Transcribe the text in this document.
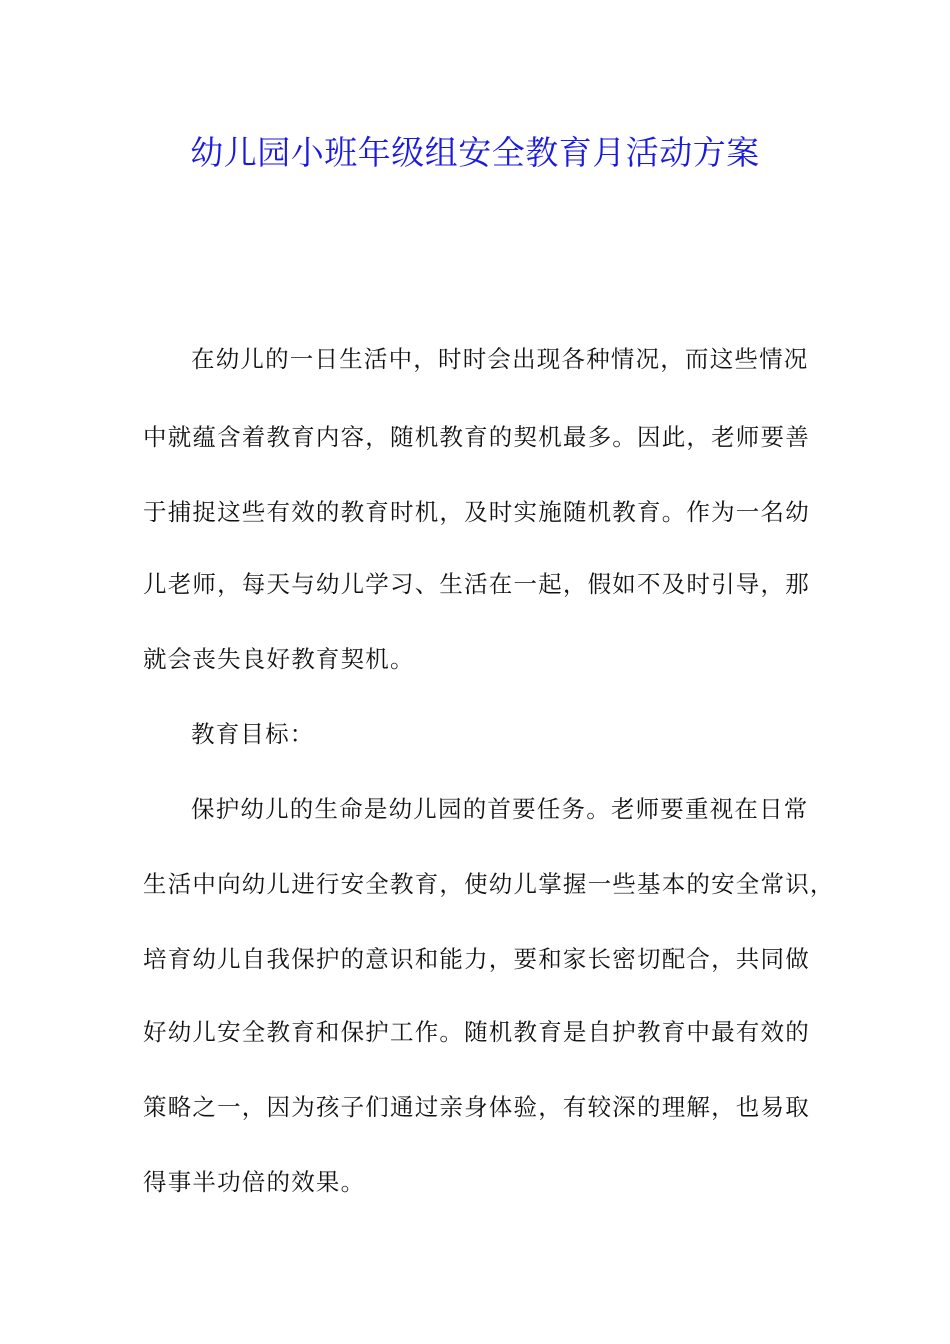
幼儿园小班年级组安全教育月活动方案
在幼儿的一日生活中，时时会出现各种情况，而这些情况
中就蕴含着教育内容，随机教育的契机最多。因此，老师要善
于捕捉这些有效的教育时机，及时实施随机教育。作为一名幼
儿老师，每天与幼儿学习、生活在一起，假如不及时引导，那
就会丧失良好教育契机。
教育目标：
保护幼儿的生命是幼儿园的首要任务。老师要重视在日常
生活中向幼儿进行安全教育，使幼儿掌握一些基本的安全常识，
培育幼儿自我保护的意识和能力，要和家长密切配合，共同做
好幼儿安全教育和保护工作。随机教育是自护教育中最有效的
策略之一，因为孩子们通过亲身体验，有较深的理解，也易取
得事半功倍的效果。
